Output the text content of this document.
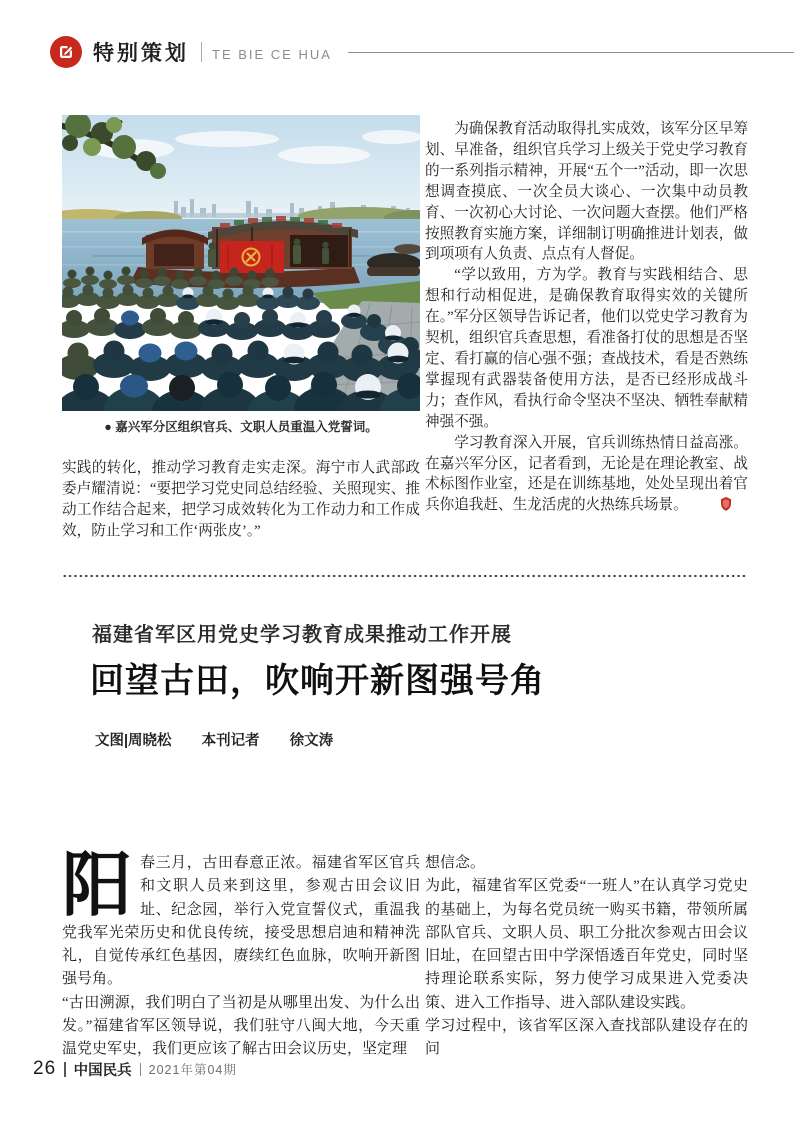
特别策划 TE BIE CE HUA
● 嘉兴军分区组织官兵、文职人员重温入党誓词。

实践的转化，推动学习教育走实走深。海宁市人武部政委卢耀清说：“要把学习党史同总结经验、关照现实、推动工作结合起来，把学习成效转化为工作动力和工作成效，防止学习和工作‘两张皮’。”

为确保教育活动取得扎实成效，该军分区早筹划、早准备，组织官兵学习上级关于党史学习教育的一系列指示精神，开展“五个一”活动，即一次思想调查摸底、一次全员大谈心、一次集中动员教育、一次初心大讨论、一次问题大查摆。他们严格按照教育实施方案，详细制订明确推进计划表，做到项项有人负责、点点有人督促。

“学以致用，方为学。教育与实践相结合、思想和行动相促进，是确保教育取得实效的关键所在。”军分区领导告诉记者，他们以党史学习教育为契机，组织官兵查思想，看准备打仗的思想是否坚定、看打赢的信心强不强；查战技术，看是否熟练掌握现有武器装备使用方法，是否已经形成战斗力；查作风，看执行命令坚决不坚决、牺牲奉献精神强不强。

学习教育深入开展，官兵训练热情日益高涨。在嘉兴军分区，记者看到，无论是在理论教室、战术标图作业室，还是在训练基地，处处呈现出着官兵你追我赶、生龙活虎的火热练兵场景。

福建省军区用党史学习教育成果推动工作开展
回望古田，吹响开新图强号角
文图|周晓松 本刊记者 徐文涛

阳春三月，古田春意正浓。福建省军区官兵和文职人员来到这里，参观古田会议旧址、纪念园，举行入党宣誓仪式，重温我党我军光荣历史和优良传统，接受思想启迪和精神洗礼，自觉传承红色基因，赓续红色血脉，吹响开新图强号角。

“古田溯源，我们明白了当初是从哪里出发、为什么出发。”福建省军区领导说，我们驻守八闽大地，今天重温党史军史，我们更应该了解古田会议历史，坚定理

想信念。

为此，福建省军区党委“一班人”在认真学习党史的基础上，为每名党员统一购买书籍，带领所属部队官兵、文职人员、职工分批次参观古田会议旧址，在回望古田中学深悟透百年党史，同时坚持理论联系实际，努力使学习成果进入党委决策、进入工作指导、进入部队建设实践。

学习过程中，该省军区深入查找部队建设存在的问

26 中国民兵 2021年第04期
